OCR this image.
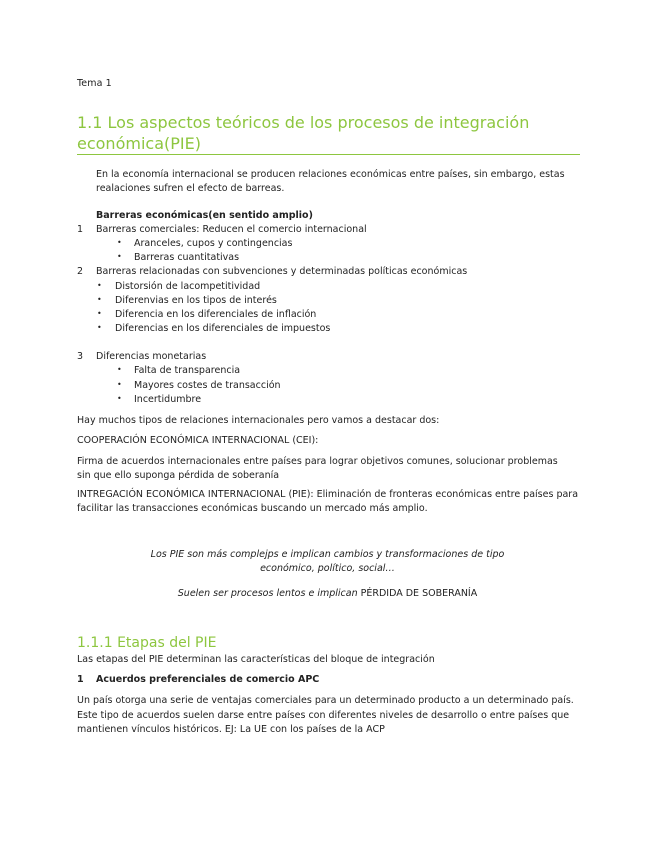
Tema 1
1.1 Los aspectos teóricos de los procesos de integración
económica(PIE)
En la economía internacional se producen relaciones económicas entre países, sin embargo, estas
realaciones sufren el efecto de barreas.
Barreras económicas(en sentido amplio)
1 Barreras comerciales: Reducen el comercio internacional
• Aranceles, cupos y contingencias
• Barreras cuantitativas
2 Barreras relacionadas con subvenciones y determinadas políticas económicas
• Distorsión de lacompetitividad
• Diferenvias en los tipos de interés
• Diferencia en los diferenciales de inflación
• Diferencias en los diferenciales de impuestos
3 Diferencias monetarias
• Falta de transparencia
• Mayores costes de transacción
• Incertidumbre
Hay muchos tipos de relaciones internacionales pero vamos a destacar dos:
COOPERACIÓN ECONÓMICA INTERNACIONAL (CEI):
Firma de acuerdos internacionales entre países para lograr objetivos comunes, solucionar problemas
sin que ello suponga pérdida de soberanía
INTREGACIÓN ECONÓMICA INTERNACIONAL (PIE): Eliminación de fronteras económicas entre países para
facilitar las transacciones económicas buscando un mercado más amplio.
Los PIE son más complejps e implican cambios y transformaciones de tipo
económico, político, social…
Suelen ser procesos lentos e implican PÉRDIDA DE SOBERANÍA
1.1.1 Etapas del PIE
Las etapas del PIE determinan las características del bloque de integración
1 Acuerdos preferenciales de comercio APC
Un país otorga una serie de ventajas comerciales para un determinado producto a un determinado país.
Este tipo de acuerdos suelen darse entre países con diferentes niveles de desarrollo o entre países que
mantienen vínculos históricos. EJ: La UE con los países de la ACP
